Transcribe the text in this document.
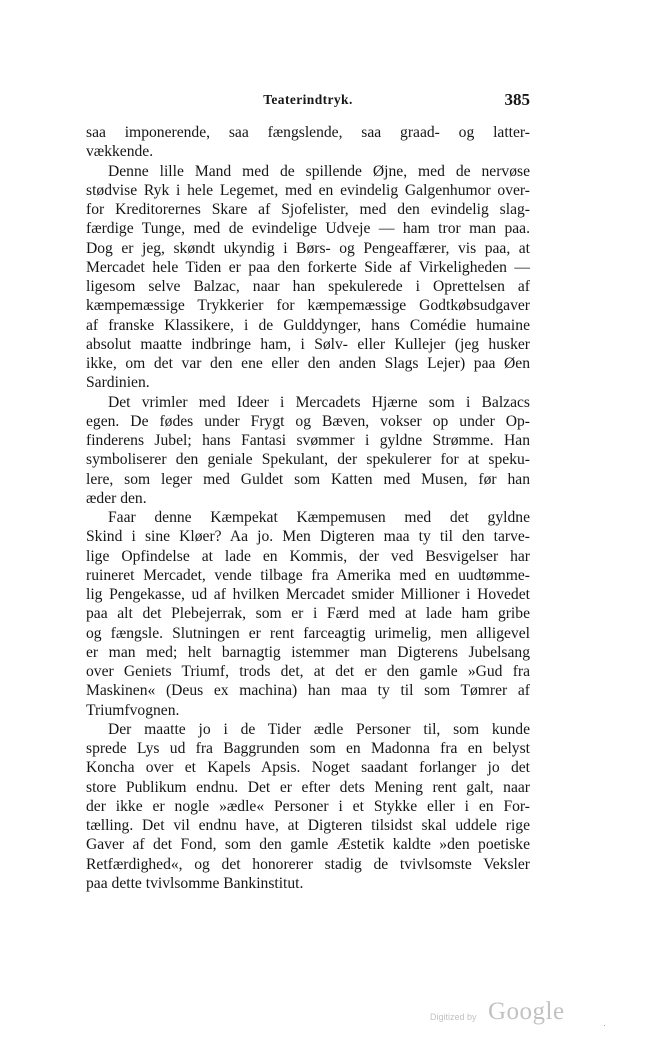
Teaterindtryk.	385
saa imponerende, saa fængslende, saa graad- og latter-
vækkende.
Denne lille Mand med de spillende Øjne, med de nervøse
stødvise Ryk i hele Legemet, med en evindelig Galgenhumor over-
for Kreditorernes Skare af Sjofelister, med den evindelig slag-
færdige Tunge, med de evindelige Udveje — ham tror man paa.
Dog er jeg, skøndt ukyndig i Børs- og Pengeaffærer, vis paa, at
Mercadet hele Tiden er paa den forkerte Side af Virkeligheden —
ligesom selve Balzac, naar han spekulerede i Oprettelsen af
kæmpemæssige Trykkerier for kæmpemæssige Godtkøbsudgaver
af franske Klassikere, i de Gulddynger, hans Comédie humaine
absolut maatte indbringe ham, i Sølv- eller Kullejer (jeg husker
ikke, om det var den ene eller den anden Slags Lejer) paa Øen
Sardinien.
Det vrimler med Ideer i Mercadets Hjærne som i Balzacs
egen. De fødes under Frygt og Bæven, vokser op under Op-
finderens Jubel; hans Fantasi svømmer i gyldne Strømme. Han
symboliserer den geniale Spekulant, der spekulerer for at speku-
lere, som leger med Guldet som Katten med Musen, før han
æder den.
Faar denne Kæmpekat Kæmpemusen med det gyldne
Skind i sine Kløer? Aa jo. Men Digteren maa ty til den tarve-
lige Opfindelse at lade en Kommis, der ved Besvigelser har
ruineret Mercadet, vende tilbage fra Amerika med en uudtømme-
lig Pengekasse, ud af hvilken Mercadet smider Millioner i Hovedet
paa alt det Plebejerrak, som er i Færd med at lade ham gribe
og fængsle. Slutningen er rent farceagtig urimelig, men alligevel
er man med; helt barnagtig istemmer man Digterens Jubelsang
over Geniets Triumf, trods det, at det er den gamle »Gud fra
Maskinen« (Deus ex machina) han maa ty til som Tømrer af
Triumfvognen.
Der maatte jo i de Tider ædle Personer til, som kunde
sprede Lys ud fra Baggrunden som en Madonna fra en belyst
Koncha over et Kapels Apsis. Noget saadant forlanger jo det
store Publikum endnu. Det er efter dets Mening rent galt, naar
der ikke er nogle »ædle« Personer i et Stykke eller i en For-
tælling. Det vil endnu have, at Digteren tilsidst skal uddele rige
Gaver af det Fond, som den gamle Æstetik kaldte »den poetiske
Retfærdighed«, og det honorerer stadig de tvivlsomste Veksler
paa dette tvivlsomme Bankinstitut.
Digitized by Google
·
